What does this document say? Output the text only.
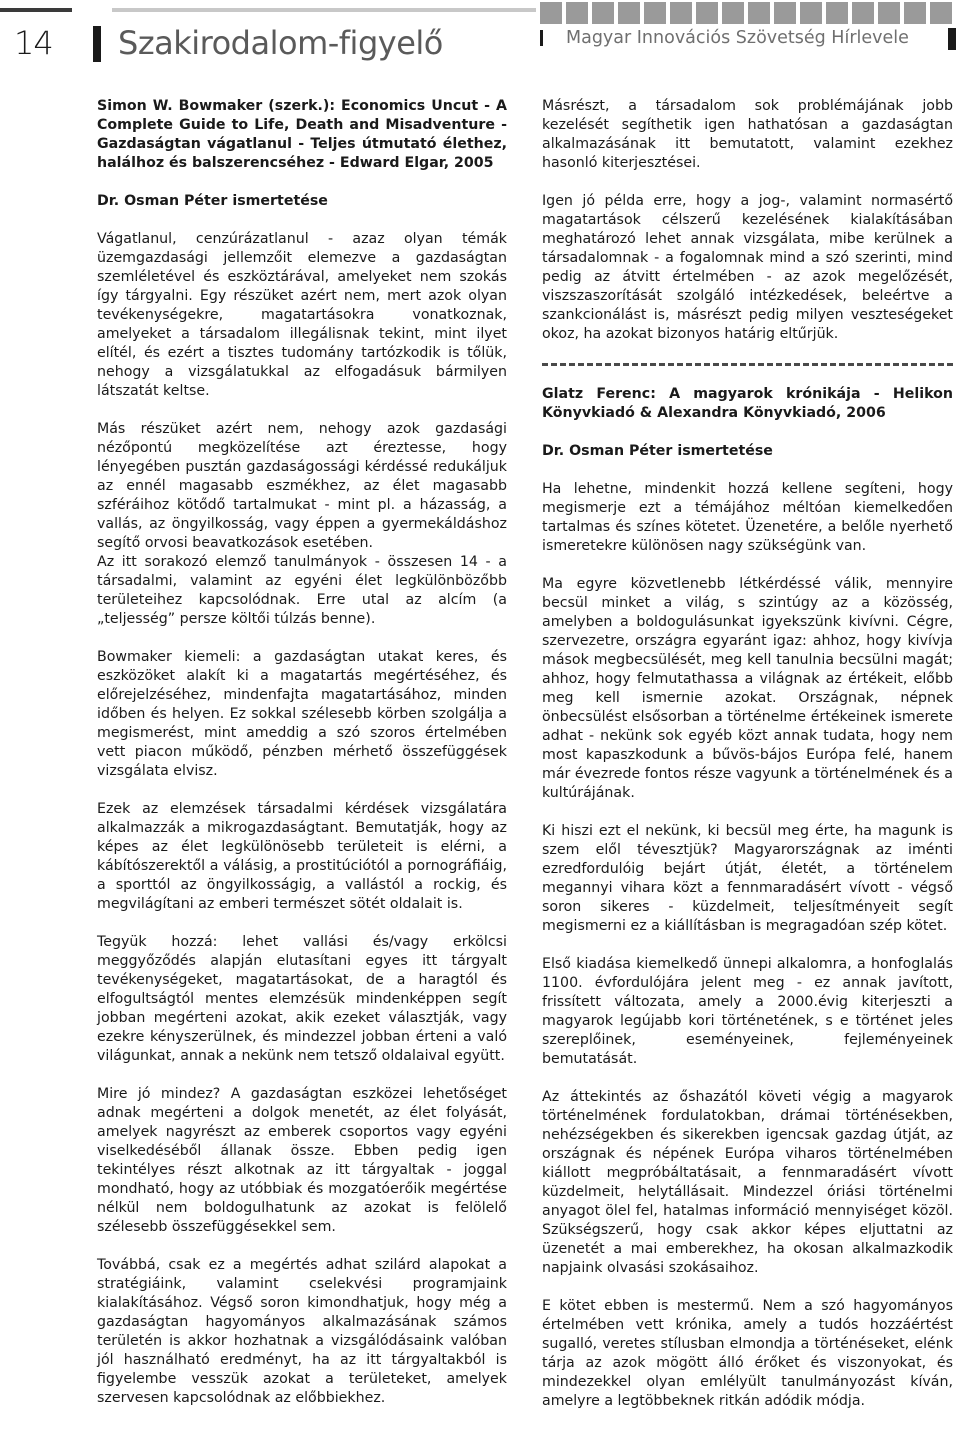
14 Szakirodalom-figyelő	Magyar Innovációs Szövetség Hírlevele

Simon W. Bowmaker (szerk.): Economics Uncut - A Complete Guide to Life, Death and Misadventure - Gazdaságtan vágatlanul - Teljes útmutató élethez, halálhoz és balszerencséhez - Edward Elgar, 2005

Dr. Osman Péter ismertetése

Vágatlanul, cenzúrázatlanul - azaz olyan témák üzemgazdasági jellemzőit elemezve a gazdaságtan szemléletével és eszköztárával, amelyeket nem szokás így tárgyalni. Egy részüket azért nem, mert azok olyan tevékenységekre, magatartásokra vonatkoznak, amelyeket a társadalom illegálisnak tekint, mint ilyet elítél, és ezért a tisztes tudomány tartózkodik is tőlük, nehogy a vizsgálatukkal az elfogadásuk bármilyen látszatát keltse.

Más részüket azért nem, nehogy azok gazdasági nézőpontú megközelítése azt éreztesse, hogy lényegében pusztán gazdaságossági kérdéssé redukáljuk az ennél magasabb eszmékhez, az élet magasabb szféráihoz kötődő tartalmukat - mint pl. a házasság, a vallás, az öngyilkosság, vagy éppen a gyermekáldáshoz segítő orvosi beavatkozások esetében.
Az itt sorakozó elemző tanulmányok - összesen 14 - a társadalmi, valamint az egyéni élet legkülönbözőbb területeihez kapcsolódnak. Erre utal az alcím (a „teljesség” persze költői túlzás benne).

Bowmaker kiemeli: a gazdaságtan utakat keres, és eszközöket alakít ki a magatartás megértéséhez, és előrejelzéséhez, mindenfajta magatartásához, minden időben és helyen. Ez sokkal szélesebb körben szolgálja a megismerést, mint ameddig a szó szoros értelmében vett piacon működő, pénzben mérhető összefüggések vizsgálata elvisz.

Ezek az elemzések társadalmi kérdések vizsgálatára alkalmazzák a mikrogazdaságtant. Bemutatják, hogy az képes az élet legkülönösebb területeit is elérni, a kábítószerektől a válásig, a prostitúciótól a pornográfiáig, a sporttól az öngyilkosságig, a vallástól a rockig, és megvilágítani az emberi természet sötét oldalait is.

Tegyük hozzá: lehet vallási és/vagy erkölcsi meggyőződés alapján elutasítani egyes itt tárgyalt tevékenységeket, magatartásokat, de a haragtól és elfogultságtól mentes elemzésük mindenképpen segít jobban megérteni azokat, akik ezeket választják, vagy ezekre kényszerülnek, és mindezzel jobban érteni a való világunkat, annak a nekünk nem tetsző oldalaival együtt.

Mire jó mindez? A gazdaságtan eszközei lehetőséget adnak megérteni a dolgok menetét, az élet folyását, amelyek nagyrészt az emberek csoportos vagy egyéni viselkedéséből állanak össze. Ebben pedig igen tekintélyes részt alkotnak az itt tárgyaltak - joggal mondható, hogy az utóbbiak és mozgatóerőik megértése nélkül nem boldogulhatunk az azokat is felölelő szélesebb összefüggésekkel sem.

Továbbá, csak ez a megértés adhat szilárd alapokat a stratégiáink, valamint cselekvési programjaink kialakításához. Végső soron kimondhatjuk, hogy még a gazdaságtan hagyományos alkalmazásának számos területén is akkor hozhatnak a vizsgálódásaink valóban jól használható eredményt, ha az itt tárgyaltakból is figyelembe vesszük azokat a területeket, amelyek szervesen kapcsolódnak az előbbiekhez.

Másrészt, a társadalom sok problémájának jobb kezelését segíthetik igen hathatósan a gazdaságtan alkalmazásának itt bemutatott, valamint ezekhez hasonló kiterjesztései.

Igen jó példa erre, hogy a jog-, valamint normasértő magatartások célszerű kezelésének kialakításában meghatározó lehet annak vizsgálata, mibe kerülnek a társadalomnak - a fogalomnak mind a szó szerinti, mind pedig az átvitt értelmében - az azok megelőzését, viszszaszorítását szolgáló intézkedések, beleértve a szankcionálást is, másrészt pedig milyen veszteségeket okoz, ha azokat bizonyos határig eltűrjük.

Glatz Ferenc: A magyarok krónikája - Helikon Könyvkiadó & Alexandra Könyvkiadó, 2006

Dr. Osman Péter ismertetése

Ha lehetne, mindenkit hozzá kellene segíteni, hogy megismerje ezt a témájához méltóan kiemelkedően tartalmas és színes kötetet. Üzenetére, a belőle nyerhető ismeretekre különösen nagy szükségünk van.

Ma egyre közvetlenebb létkérdéssé válik, mennyire becsül minket a világ, s szintúgy az a közösség, amelyben a boldogulásunkat igyekszünk kivívni. Cégre, szervezetre, országra egyaránt igaz: ahhoz, hogy kivívja mások megbecsülését, meg kell tanulnia becsülni magát; ahhoz, hogy felmutathassa a világnak az értékeit, előbb meg kell ismernie azokat. Országnak, népnek önbecsülést elsősorban a történelme értékeinek ismerete adhat - nekünk sok egyéb közt annak tudata, hogy nem most kapaszkodunk a bűvös-bájos Európa felé, hanem már évezrede fontos része vagyunk a történelmének és a kultúrájának.

Ki hiszi ezt el nekünk, ki becsül meg érte, ha magunk is szem elől tévesztjük? Magyarországnak az iménti ezredfordulóig bejárt útját, életét, a történelem megannyi vihara közt a fennmaradásért vívott - végső soron sikeres - küzdelmeit, teljesítményeit segít megismerni ez a kiállításban is megragadóan szép kötet.

Első kiadása kiemelkedő ünnepi alkalomra, a honfoglalás 1100. évfordulójára jelent meg - ez annak javított, frissített változata, amely a 2000.évig kiterjeszti a magyarok legújabb kori történetének, s e történet jeles szereplőinek, eseményeinek, fejleményeinek bemutatását.

Az áttekintés az őshazától követi végig a magyarok történelmének fordulatokban, drámai történésekben, nehézségekben és sikerekben igencsak gazdag útját, az országnak és népének Európa viharos történelmében kiállott megpróbáltatásait, a fennmaradásért vívott küzdelmeit, helytállásait. Mindezzel óriási történelmi anyagot ölel fel, hatalmas információ mennyiséget közöl. Szükségszerű, hogy csak akkor képes eljuttatni az üzenetét a mai emberekhez, ha okosan alkalmazkodik napjaink olvasási szokásaihoz.

E kötet ebben is mestermű. Nem a szó hagyományos értelmében vett krónika, amely a tudós hozzáértést sugalló, veretes stílusban elmondja a történéseket, elénk tárja az azok mögött álló érőket és viszonyokat, és mindezekkel olyan emlélyült tanulmányozást kíván, amelyre a legtöbbeknek ritkán adódik módja.
